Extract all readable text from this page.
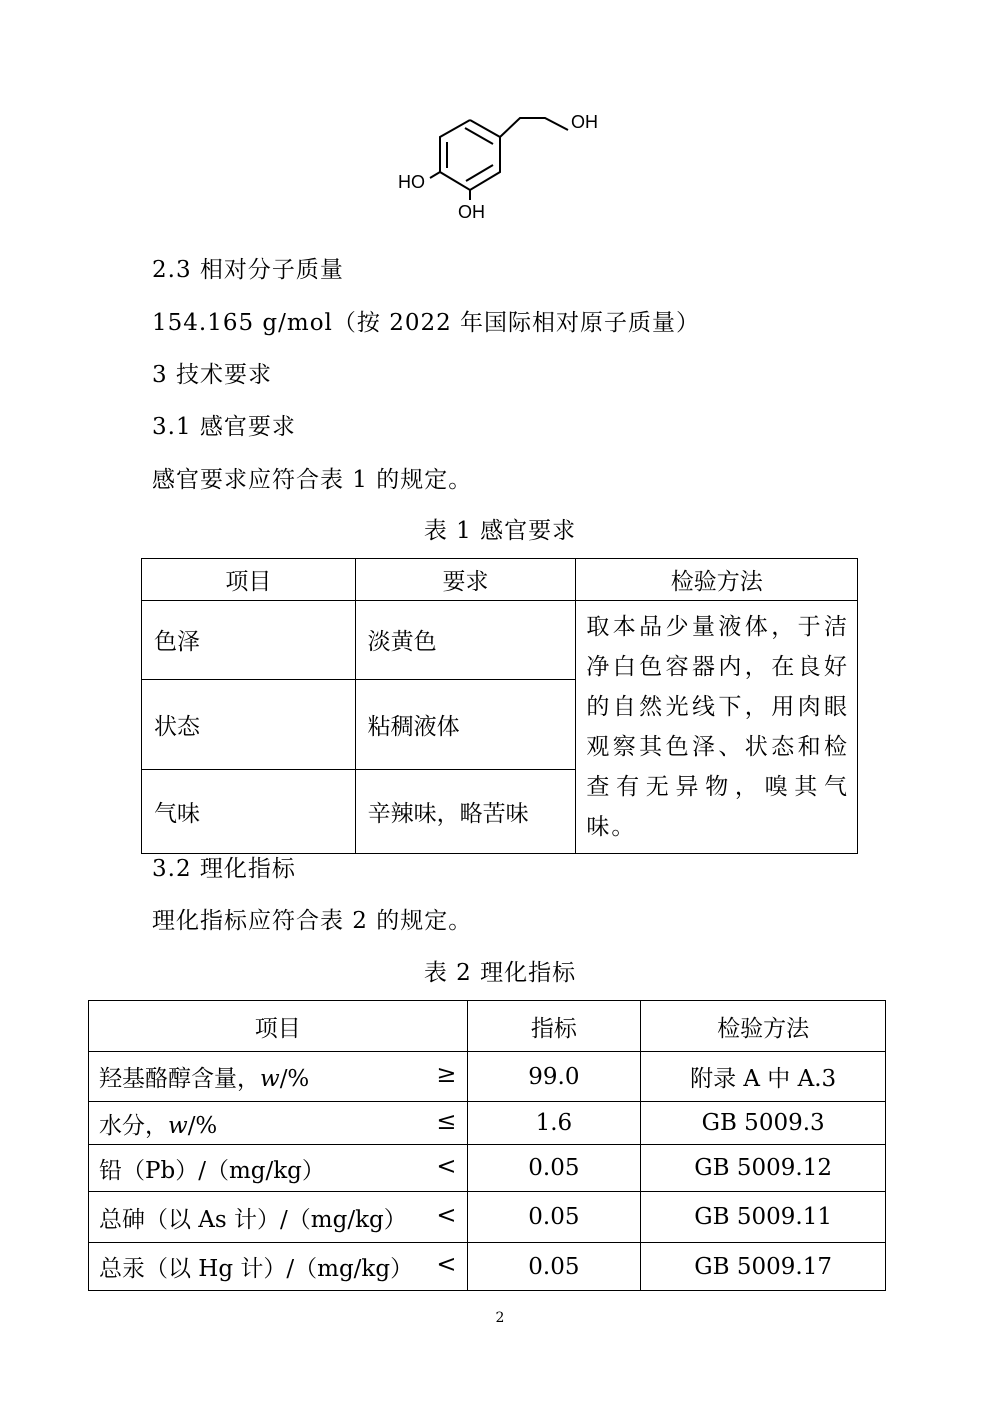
OH
HO
OH
2.3 相对分子质量
154.165 g/mol（按 2022 年国际相对原子质量）
3 技术要求
3.1 感官要求
感官要求应符合表 1 的规定。
表 1 感官要求
项目	要求	检验方法
色泽	淡黄色	取本品少量液体，于洁净白色容器内，在良好的自然光线下，用肉眼观察其色泽、状态和检查有无异物，嗅其气味。
状态	粘稠液体	
气味	辛辣味，略苦味	
3.2 理化指标
理化指标应符合表 2 的规定。
表 2 理化指标
项目	指标	检验方法
羟基酪醇含量，w/% ≥	99.0	附录 A 中 A.3
水分，w/% ≤	1.6	GB 5009.3
铅（Pb）/（mg/kg） <	0.05	GB 5009.12
总砷（以 As 计）/（mg/kg） <	0.05	GB 5009.11
总汞（以 Hg 计）/（mg/kg） <	0.05	GB 5009.17
2
